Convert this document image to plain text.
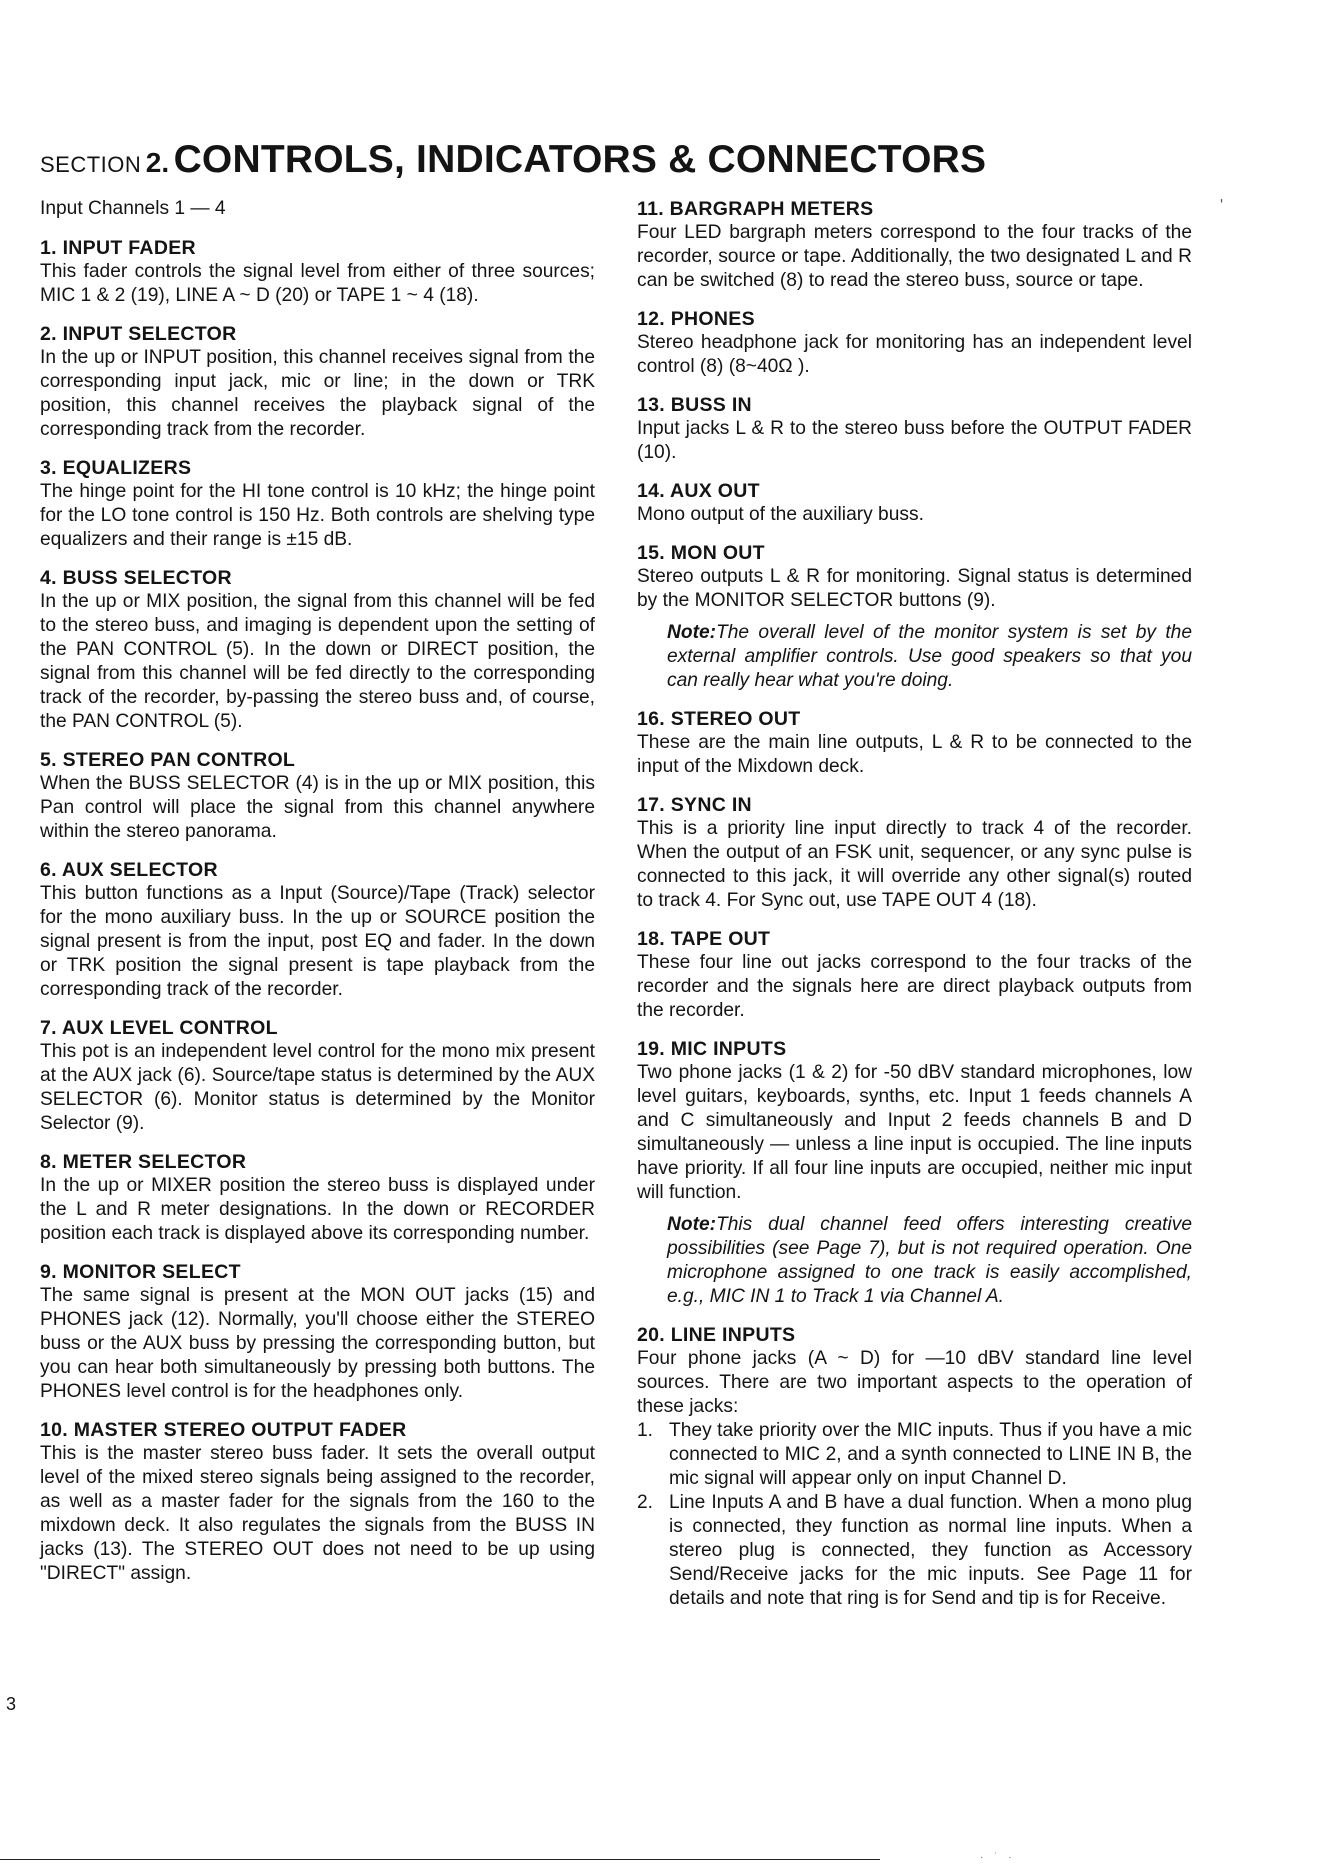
SECTION 2. CONTROLS, INDICATORS & CONNECTORS
ʹ

Input Channels 1 — 4

1. INPUT FADER

This fader controls the signal level from either of three sources; MIC 1 & 2 (19), LINE A ~ D (20) or TAPE 1 ~ 4 (18).

2. INPUT SELECTOR

In the up or INPUT position, this channel receives signal from the corresponding input jack, mic or line; in the down or TRK position, this channel receives the playback signal of the corresponding track from the recorder.

3. EQUALIZERS

The hinge point for the HI tone control is 10 kHz; the hinge point for the LO tone control is 150 Hz. Both controls are shelving type equalizers and their range is ±15 dB.

4. BUSS SELECTOR

In the up or MIX position, the signal from this channel will be fed to the stereo buss, and imaging is dependent upon the setting of the PAN CONTROL (5). In the down or DIRECT position, the signal from this channel will be fed directly to the corresponding track of the recorder, by-passing the stereo buss and, of course, the PAN CONTROL (5).

5. STEREO PAN CONTROL

When the BUSS SELECTOR (4) is in the up or MIX position, this Pan control will place the signal from this channel anywhere within the stereo panorama.

6. AUX SELECTOR

This button functions as a Input (Source)/Tape (Track) selector for the mono auxiliary buss. In the up or SOURCE position the signal present is from the input, post EQ and fader. In the down or TRK position the signal present is tape playback from the corresponding track of the recorder.

7. AUX LEVEL CONTROL

This pot is an independent level control for the mono mix present at the AUX jack (6). Source/tape status is determined by the AUX SELECTOR (6). Monitor status is determined by the Monitor Selector (9).

8. METER SELECTOR

In the up or MIXER position the stereo buss is displayed under the L and R meter designations. In the down or RECORDER position each track is displayed above its corresponding number.

9. MONITOR SELECT

The same signal is present at the MON OUT jacks (15) and PHONES jack (12). Normally, you'll choose either the STEREO buss or the AUX buss by pressing the corresponding button, but you can hear both simultaneously by pressing both buttons. The PHONES level control is for the headphones only.

10. MASTER STEREO OUTPUT FADER

This is the master stereo buss fader. It sets the overall output level of the mixed stereo signals being assigned to the recorder, as well as a master fader for the signals from the 160 to the mixdown deck. It also regulates the signals from the BUSS IN jacks (13). The STEREO OUT does not need to be up using "DIRECT" assign.

11. BARGRAPH METERS

Four LED bargraph meters correspond to the four tracks of the recorder, source or tape. Additionally, the two designated L and R can be switched (8) to read the stereo buss, source or tape.

12. PHONES

Stereo headphone jack for monitoring has an independent level control (8) (8~40Ω ).

13. BUSS IN

Input jacks L & R to the stereo buss before the OUTPUT FADER (10).

14. AUX OUT

Mono output of the auxiliary buss.

15. MON OUT

Stereo outputs L & R for monitoring. Signal status is determined by the MONITOR SELECTOR buttons (9).

Note:The overall level of the monitor system is set by the external amplifier controls. Use good speakers so that you can really hear what you're doing.

16. STEREO OUT

These are the main line outputs, L & R to be connected to the input of the Mixdown deck.

17. SYNC IN

This is a priority line input directly to track 4 of the recorder. When the output of an FSK unit, sequencer, or any sync pulse is connected to this jack, it will override any other signal(s) routed to track 4. For Sync out, use TAPE OUT 4 (18).

18. TAPE OUT

These four line out jacks correspond to the four tracks of the recorder and the signals here are direct playback outputs from the recorder.

19. MIC INPUTS

Two phone jacks (1 & 2) for -50 dBV standard microphones, low level guitars, keyboards, synths, etc. Input 1 feeds channels A and C simultaneously and Input 2 feeds channels B and D simultaneously — unless a line input is occupied. The line inputs have priority. If all four line inputs are occupied, neither mic input will function.

Note:This dual channel feed offers interesting creative possibilities (see Page 7), but is not required operation. One microphone assigned to one track is easily accomplished, e.g., MIC IN 1 to Track 1 via Channel A.

20. LINE INPUTS

Four phone jacks (A ~ D) for —10 dBV standard line level sources. There are two important aspects to the operation of these jacks:

1. They take priority over the MIC inputs. Thus if you have a mic connected to MIC 2, and a synth connected to LINE IN B, the mic signal will appear only on input Channel D.
2. Line Inputs A and B have a dual function. When a mono plug is connected, they function as normal line inputs. When a stereo plug is connected, they function as Accessory Send/Receive jacks for the mic inputs. See Page 11 for details and note that ring is for Send and tip is for Receive.
3
· ˙ ·
